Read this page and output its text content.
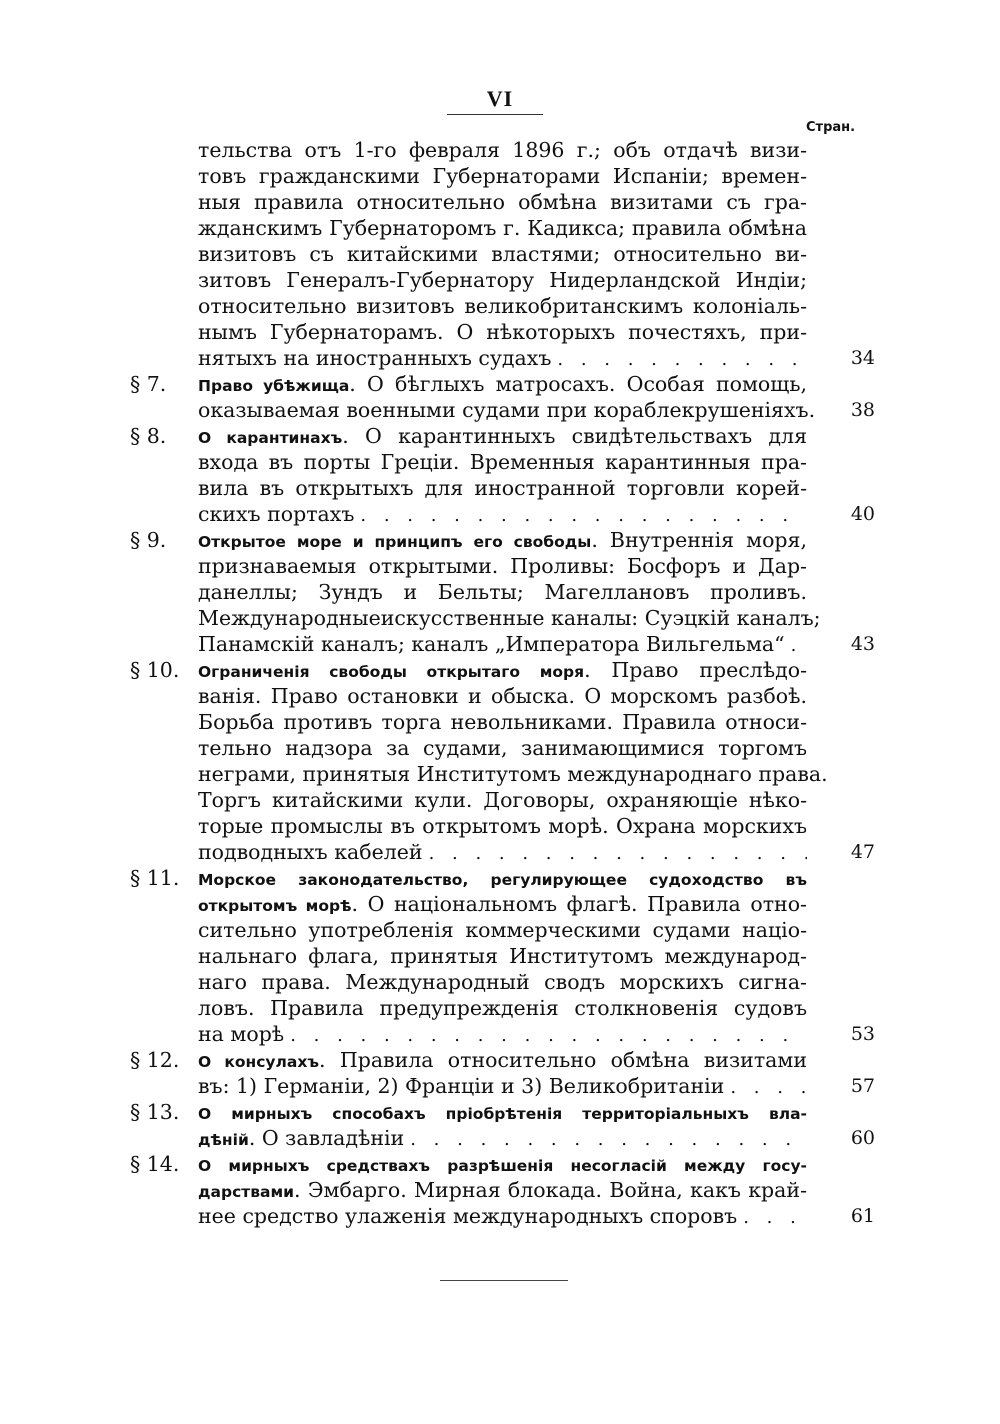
VI
Стран.
тельства отъ 1-го февраля 1896 г.; объ отдачѣ визи-
товъ гражданскими Губернаторами Испаніи; времен-
ныя правила относительно обмѣна визитами съ гра-
жданскимъ Губернаторомъ г. Кадикса; правила обмѣна
визитовъ съ китайскими властями; относительно ви-
зитовъ Генералъ-Губернатору Нидерландской Индіи;
относительно визитовъ великобританскимъ колоніаль-
нымъ Губернаторамъ. О нѣкоторыхъ почестяхъ, при-
нятыхъ на иностранныхъ судахъ . . .	34
§ 7. Право убѣжища. О бѣглыхъ матросахъ. Особая помощь,
оказываемая военными судами при кораблекрушеніяхъ.	38
§ 8. О карантинахъ. О карантинныхъ свидѣтельствахъ для
входа въ порты Греціи. Временныя карантинныя пра-
вила въ открытыхъ для иностранной торговли корей-
скихъ портахъ . . .	40
§ 9. Открытое море и принципъ его свободы. Внутреннія моря,
признаваемыя открытыми. Проливы: Босфоръ и Дар-
данеллы; Зундъ и Бельты; Магеллановъ проливъ.
Международныеискусственные каналы: Суэцкій каналъ;
Панамскій каналъ; каналъ „Императора Вильгельма“ . . .	43
§ 10. Ограниченія свободы открытаго моря. Право преслѣдо-
ванія. Право остановки и обыска. О морскомъ разбоѣ.
Борьба противъ торга невольниками. Правила относи-
тельно надзора за судами, занимающимися торгомъ
неграми, принятыя Институтомъ международнаго права.
Торгъ китайскими кули. Договоры, охраняющіе нѣко-
торые промыслы въ открытомъ морѣ. Охрана морскихъ
подводныхъ кабелей . . .	47
§ 11. Морское законодательство, регулирующее судоходство въ
открытомъ морѣ. О національномъ флагѣ. Правила отно-
сительно употребленія коммерческими судами націо-
нальнаго флага, принятыя Институтомъ международ-
наго права. Международный сводъ морскихъ сигна-
ловъ. Правила предупрежденія столкновенія судовъ
на морѣ . . .	53
§ 12. О консулахъ. Правила относительно обмѣна визитами
въ: 1) Германіи, 2) Франціи и 3) Великобританіи . . .	57
§ 13. О мирныхъ способахъ пріобрѣтенія территоріальныхъ вла-
дѣній. О завладѣніи . . .	60
§ 14. О мирныхъ средствахъ разрѣшенія несогласій между госу-
дарствами. Эмбарго. Мирная блокада. Война, какъ край-
нее средство улаженія международныхъ споровъ . . .	61
